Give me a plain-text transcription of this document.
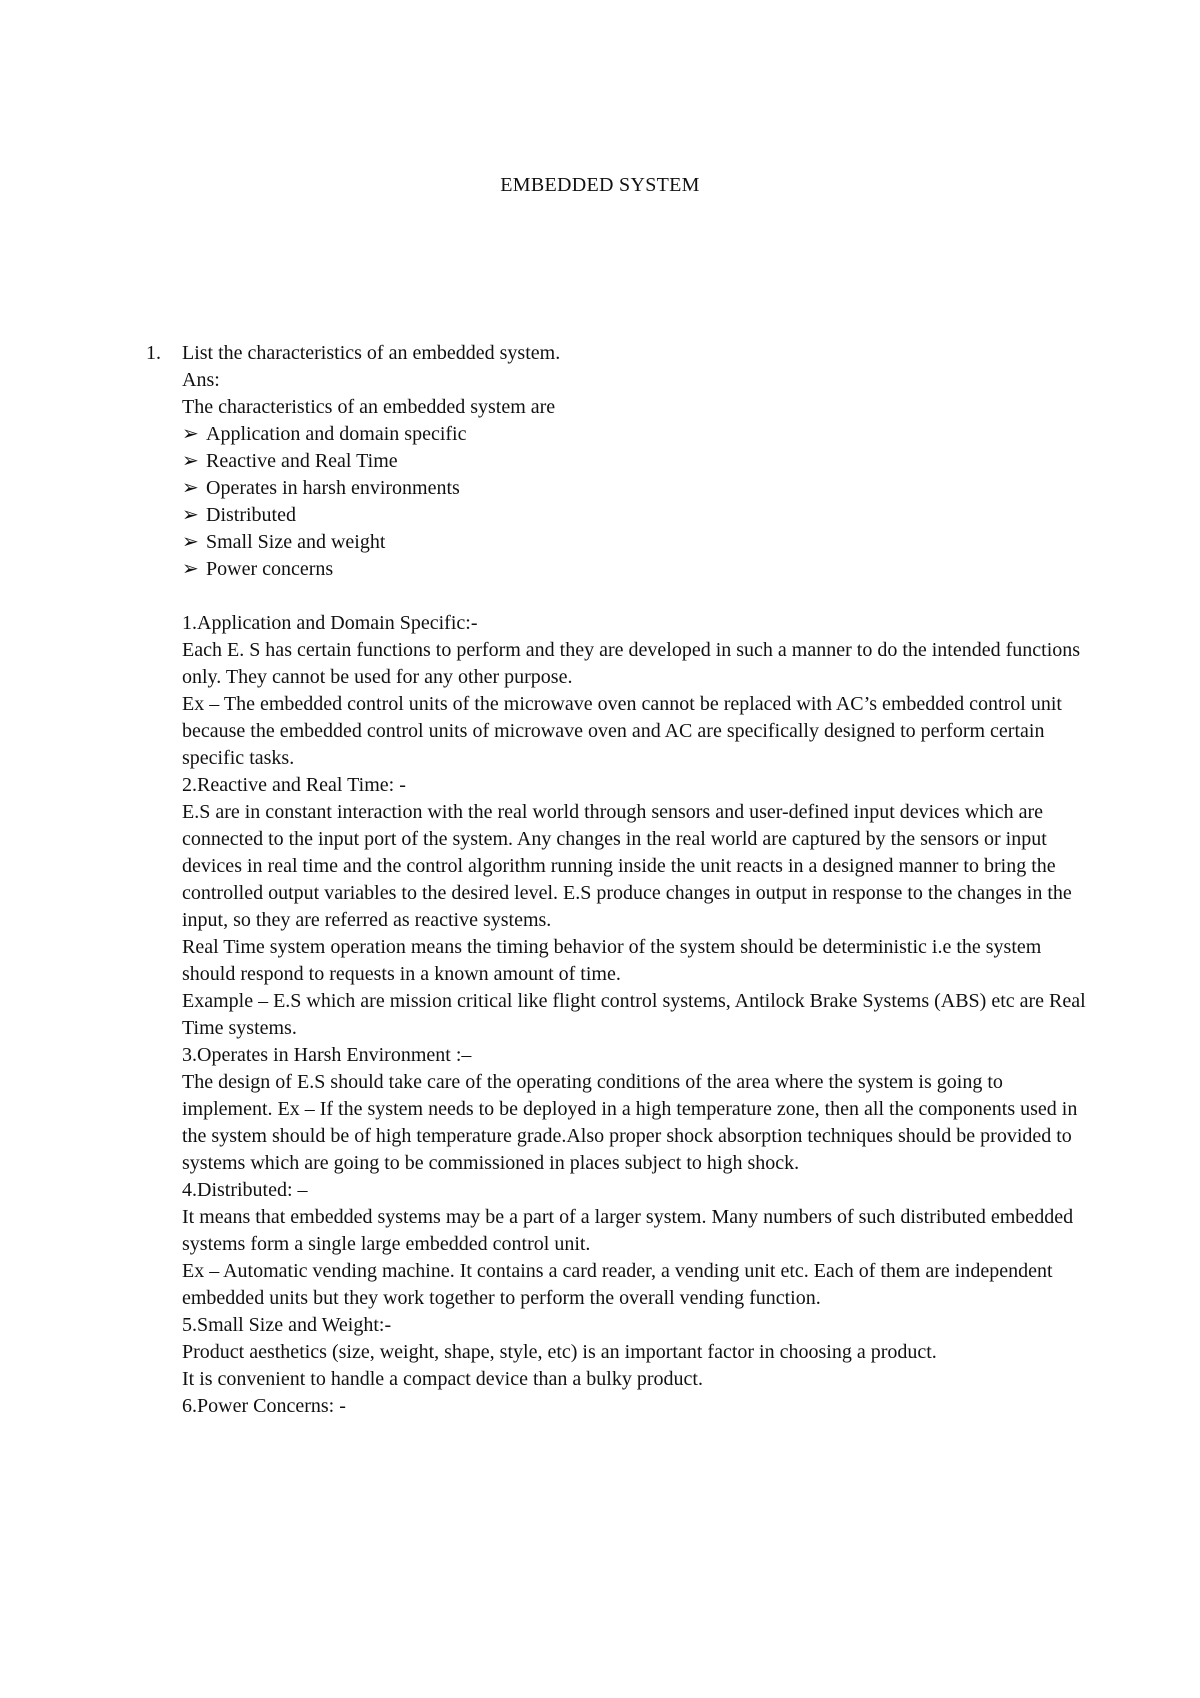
EMBEDDED SYSTEM
1. List the characteristics of an embedded system.
Ans:
The characteristics of an embedded system are
➢ Application and domain specific
➢ Reactive and Real Time
➢ Operates in harsh environments
➢ Distributed
➢ Small Size and weight
➢ Power concerns
1.Application and Domain Specific:-
Each E. S has certain functions to perform and they are developed in such a manner to do the intended functions only. They cannot be used for any other purpose.
Ex – The embedded control units of the microwave oven cannot be replaced with AC’s embedded control unit because the embedded control units of microwave oven and AC are specifically designed to perform certain specific tasks.
2.Reactive and Real Time: -
E.S are in constant interaction with the real world through sensors and user-defined input devices which are connected to the input port of the system. Any changes in the real world are captured by the sensors or input devices in real time and the control algorithm running inside the unit reacts in a designed manner to bring the controlled output variables to the desired level. E.S produce changes in output in response to the changes in the input, so they are referred as reactive systems.
Real Time system operation means the timing behavior of the system should be deterministic i.e the system should respond to requests in a known amount of time.
Example – E.S which are mission critical like flight control systems, Antilock Brake Systems (ABS) etc are Real Time systems.
3.Operates in Harsh Environment :–
The design of E.S should take care of the operating conditions of the area where the system is going to implement. Ex – If the system needs to be deployed in a high temperature zone, then all the components used in the system should be of high temperature grade.Also proper shock absorption techniques should be provided to systems which are going to be commissioned in places subject to high shock.
4.Distributed: –
It means that embedded systems may be a part of a larger system. Many numbers of such distributed embedded systems form a single large embedded control unit.
Ex – Automatic vending machine. It contains a card reader, a vending unit etc. Each of them are independent embedded units but they work together to perform the overall vending function.
5.Small Size and Weight:-
Product aesthetics (size, weight, shape, style, etc) is an important factor in choosing a product.
It is convenient to handle a compact device than a bulky product.
6.Power Concerns: -
